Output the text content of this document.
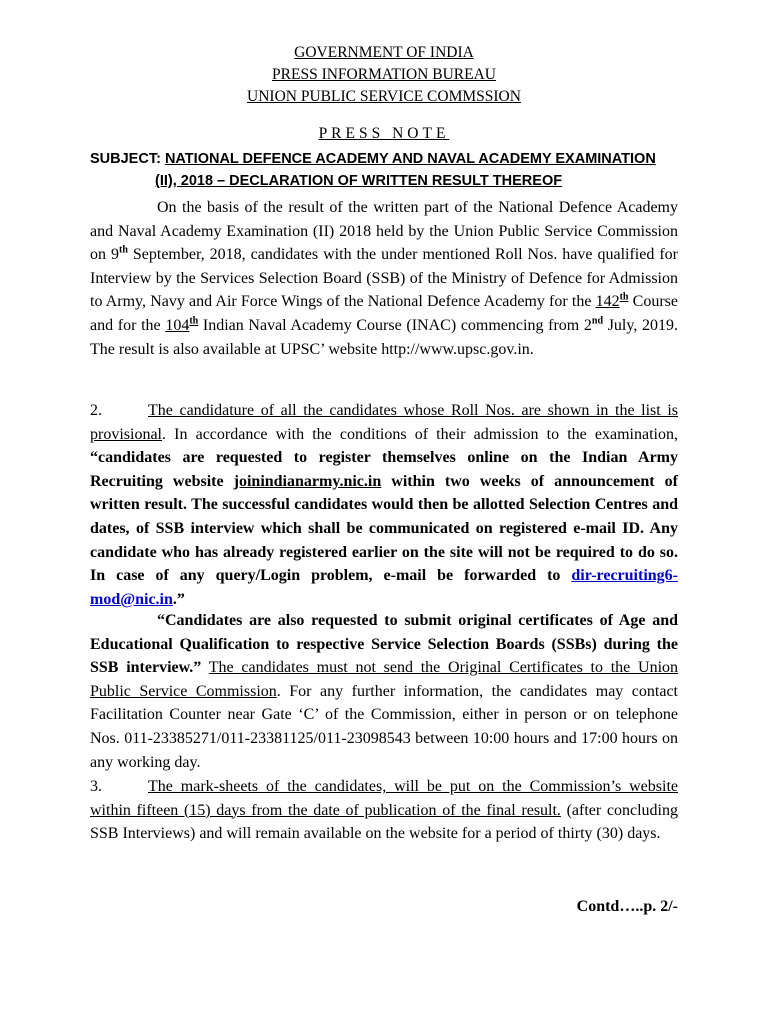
GOVERNMENT OF INDIA
PRESS INFORMATION BUREAU
UNION PUBLIC SERVICE COMMSSION
PRESS NOTE
SUBJECT: NATIONAL DEFENCE ACADEMY AND NAVAL ACADEMY EXAMINATION
(II), 2018 – DECLARATION OF WRITTEN RESULT THEREOF
On the basis of the result of the written part of the National Defence Academy and Naval Academy Examination (II) 2018 held by the Union Public Service Commission on 9th September, 2018, candidates with the under mentioned Roll Nos. have qualified for Interview by the Services Selection Board (SSB) of the Ministry of Defence for Admission to Army, Navy and Air Force Wings of the National Defence Academy for the 142th Course and for the 104th Indian Naval Academy Course (INAC) commencing from 2nd July, 2019. The result is also available at UPSC’ website http://www.upsc.gov.in.
2.	The candidature of all the candidates whose Roll Nos. are shown in the list is provisional. In accordance with the conditions of their admission to the examination, “candidates are requested to register themselves online on the Indian Army Recruiting website joinindianarmy.nic.in within two weeks of announcement of written result. The successful candidates would then be allotted Selection Centres and dates, of SSB interview which shall be communicated on registered e-mail ID. Any candidate who has already registered earlier on the site will not be required to do so. In case of any query/Login problem, e-mail be forwarded to dir-recruiting6-mod@nic.in.”
“Candidates are also requested to submit original certificates of Age and Educational Qualification to respective Service Selection Boards (SSBs) during the SSB interview.” The candidates must not send the Original Certificates to the Union Public Service Commission. For any further information, the candidates may contact Facilitation Counter near Gate ‘C’ of the Commission, either in person or on telephone Nos. 011-23385271/011-23381125/011-23098543 between 10:00 hours and 17:00 hours on any working day.
3.	The mark-sheets of the candidates, will be put on the Commission’s website within fifteen (15) days from the date of publication of the final result. (after concluding SSB Interviews) and will remain available on the website for a period of thirty (30) days.
Contd…..p. 2/-
